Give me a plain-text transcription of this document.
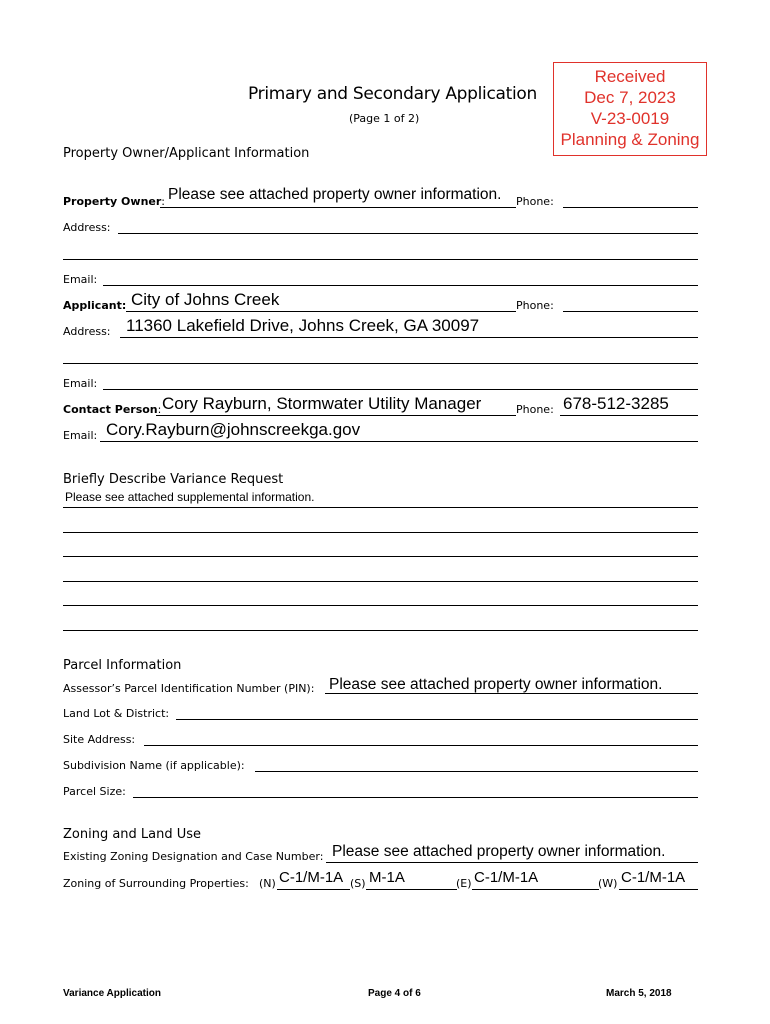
Received
Dec 7, 2023
V-23-0019
Planning & Zoning
Primary and Secondary Application
(Page 1 of 2)
Property Owner/Applicant Information
Property Owner: Please see attached property owner information. Phone:
Address:
Email:
Applicant: City of Johns Creek	Phone:
Address: 11360 Lakefield Drive, Johns Creek, GA 30097
Email:
Contact Person: Cory Rayburn, Stormwater Utility Manager	Phone: 678-512-3285
Email: Cory.Rayburn@johnscreekga.gov
Briefly Describe Variance Request
Please see attached supplemental information.
Parcel Information
Assessor’s Parcel Identification Number (PIN): Please see attached property owner information.
Land Lot & District:
Site Address:
Subdivision Name (if applicable):
Parcel Size:
Zoning and Land Use
Existing Zoning Designation and Case Number: Please see attached property owner information.
Zoning of Surrounding Properties: (N) C-1/M-1A (S) M-1A	(E) C-1/M-1A	(W) C-1/M-1A
Variance Application	Page 4 of 6	March 5, 2018
